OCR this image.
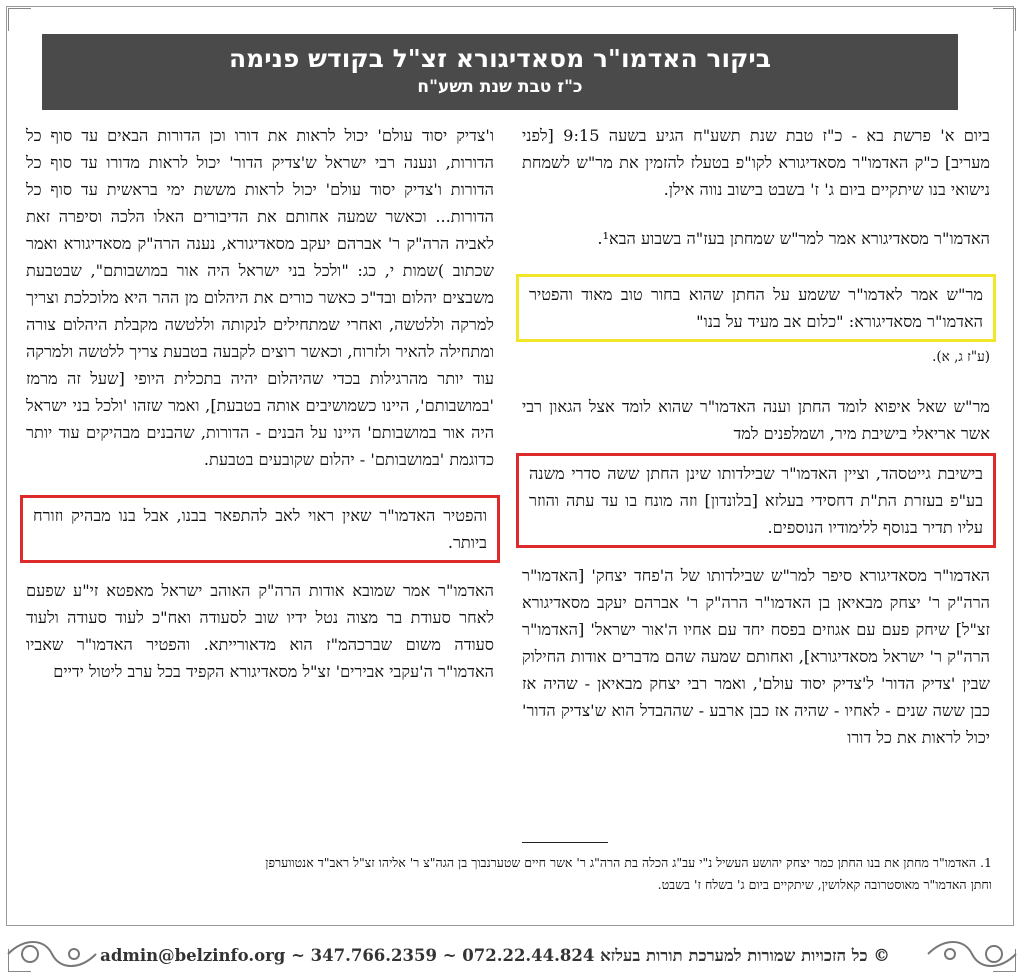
ביקור האדמו"ר מסאדיגורא זצ"ל בקודש פנימה
כ"ז טבת שנת תשע"ח

ביום א' פרשת בא - כ"ז טבת שנת תשע"ח הגיע בשעה 9:15 [לפני מעריב] כ"ק האדמו"ר מסאדיגורא לקו"פ בטעלז להזמין את מר"ש לשמחת נישואי בנו שיתקיים ביום ג' ז' בשבט בישוב נווה אילן.

האדמו"ר מסאדיגורא אמר למר"ש שמחתן בעז"ה בשבוע הבא¹.

מר"ש אמר לאדמו"ר ששמע על החתן שהוא בחור טוב מאוד והפטיר האדמו"ר מסאדיגורא: "כלום אב מעיד על בנו"
(ע"ז ג, א).

מר"ש שאל איפוא לומד החתן וענה האדמו"ר שהוא לומד אצל הגאון רבי אשר אריאלי בישיבת מיר, ושמלפנים למד

בישיבת גייטסהד, וציין האדמו"ר שבילדותו שינן החתן ששה סדרי משנה בע"פ בעזרת הת"ת דחסידי בעלזא [בלונדון] וזה מונח בו עד עתה והוזר עליו תדיר בנוסף ללימודיו הנוספים.

האדמו"ר מסאדיגורא סיפר למר"ש שבילדותו של ה'פחד יצחק' [האדמו"ר הרה"ק ר' יצחק מבאיאן בן האדמו"ר הרה"ק ר' אברהם יעקב מסאדיגורא זצ"ל] שיחק פעם עם אגוזים בפסח יחד עם אחיו ה'אור ישראל' [האדמו"ר הרה"ק ר' ישראל מסאדיגורא], ואחותם שמעה שהם מדברים אודות החילוק שבין 'צדיק הדור' ל'צדיק יסוד עולם', ואמר רבי יצחק מבאיאן - שהיה אז כבן ששה שנים - לאחיו - שהיה אז כבן ארבע - שההבדל הוא ש'צדיק הדור' יכול לראות את כל דורו

ו'צדיק יסוד עולם' יכול לראות את דורו וכן הדורות הבאים עד סוף כל הדורות, ונענה רבי ישראל ש'צדיק הדור' יכול לראות מדורו עד סוף כל הדורות ו'צדיק יסוד עולם' יכול לראות מששת ימי בראשית עד סוף כל הדורות... וכאשר שמעה אחותם את הדיבורים האלו הלכה וסיפרה זאת לאביה הרה"ק ר' אברהם יעקב מסאדיגורא, נענה הרה"ק מסאדיגורא ואמר שכתוב )שמות י, כג: "ולכל בני ישראל היה אור במושבותם", שבטבעת משבצים יהלום ובד"כ כאשר כורים את היהלום מן ההר היא מלוכלכת וצריך למרקה וללטשה, ואחרי שמתחילים לנקותה וללטשה מקבלת היהלום צורה ומתחילה להאיר ולזרוח, וכאשר רוצים לקבעה בטבעת צריך ללטשה ולמרקה עוד יותר מהרגילות בכדי שהיהלום יהיה בתכלית היופי [שעל זה מרמז 'במושבותם', היינו כשמושיבים אותה בטבעת], ואמר שזהו 'ולכל בני ישראל היה אור במושבותם' היינו על הבנים - הדורות, שהבנים מבהיקים עוד יותר כדוגמת 'במושבותם' - יהלום שקובעים בטבעת.

והפטיר האדמו"ר שאין ראוי לאב להתפאר בבנו, אבל בנו מבהיק וזורח ביותר.

האדמו"ר אמר שמובא אודות הרה"ק האוהב ישראל מאפטא זי"ע שפעם לאחר סעודת בר מצוה נטל ידיו שוב לסעודה ואח"כ לעוד סעודה ולעוד סעודה משום שברכהמ"ז הוא מדאורייתא. והפטיר האדמו"ר שאביו האדמו"ר ה'עקבי אבירים' זצ"ל מסאדיגורא הקפיד בכל ערב ליטול ידיים

1. האדמו"ר מחתן את בנו החתן כמר יצחק יהושע העשיל נ"י עב"ג הכלה בת הרה"ג ר' אשר חיים שטערנבוך בן הגה"צ ר' אליהו זצ"ל ראב"ד אנטווערפן
וחתן האדמו"ר מאוסטרובה קאלושין, שיתקיים ביום ג' בשלח ז' בשבט.
© כל הזכויות שמורות למערכת תורות בעלזא 072.22.44.824 ~ 347.766.2359 ~ admin@belzinfo.org
